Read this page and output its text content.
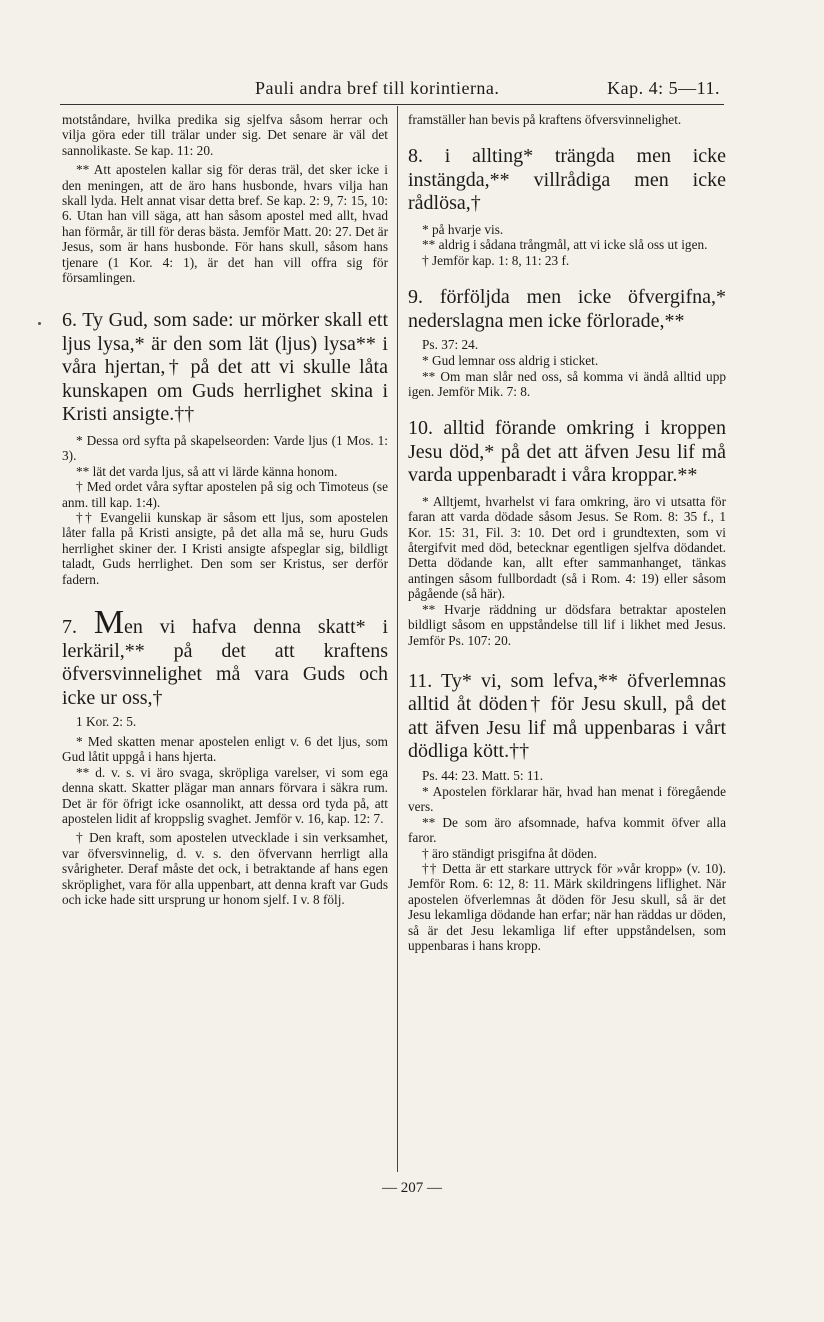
Pauli andra bref till korintierna.	Kap. 4: 5—11.

motståndare, hvilka predika sig sjelfva såsom herrar och vilja göra eder till trälar under sig. Det senare är väl det sannolikaste. Se kap. 11: 20.

** Att apostelen kallar sig för deras träl, det sker icke i den meningen, att de äro hans husbonde, hvars vilja han skall lyda. Helt annat visar detta bref. Se kap. 2: 9, 7: 15, 10: 6. Utan han vill säga, att han såsom apostel med allt, hvad han förmår, är till för deras bästa. Jemför Matt. 20: 27. Det är Jesus, som är hans husbonde. För hans skull, såsom hans tjenare (1 Kor. 4: 1), är det han vill offra sig för församlingen.

6. Ty Gud, som sade: ur mörker skall ett ljus lysa,* är den som lät (ljus) lysa** i våra hjertan,† på det att vi skulle låta kunskapen om Guds herrlighet skina i Kristi ansigte.††

* Dessa ord syfta på skapelseorden: Varde ljus (1 Mos. 1: 3).

** lät det varda ljus, så att vi lärde känna honom.

† Med ordet våra syftar apostelen på sig och Timoteus (se anm. till kap. 1:4).

†† Evangelii kunskap är såsom ett ljus, som apostelen låter falla på Kristi ansigte, på det alla må se, huru Guds herrlighet skiner der. I Kristi ansigte afspeglar sig, bildligt taladt, Guds herrlighet. Den som ser Kristus, ser derför fadern.

7. Men vi hafva denna skatt* i lerkäril,** på det att kraftens öfversvinnelighet må vara Guds och icke ur oss,†

1 Kor. 2: 5.

* Med skatten menar apostelen enligt v. 6 det ljus, som Gud låtit uppgå i hans hjerta.

** d. v. s. vi äro svaga, skröpliga varelser, vi som ega denna skatt. Skatter plägar man annars förvara i säkra rum. Det är för öfrigt icke osannolikt, att dessa ord tyda på, att apostelen lidit af kroppslig svaghet. Jemför v. 16, kap. 12: 7.

† Den kraft, som apostelen utvecklade i sin verksamhet, var öfversvinnelig, d. v. s. den öfvervann herrligt alla svårigheter. Deraf måste det ock, i betraktande af hans egen skröplighet, vara för alla uppenbart, att denna kraft var Guds och icke hade sitt ursprung ur honom sjelf. I v. 8 följ.

framställer han bevis på kraftens öfversvinnelighet.

8. i allting* trängda men icke instängda,** villrådiga men icke rådlösa,†

* på hvarje vis.

** aldrig i sådana trångmål, att vi icke slå oss ut igen.

† Jemför kap. 1: 8, 11: 23 f.

9. förföljda men icke öfvergifna,* nederslagna men icke förlorade,**

Ps. 37: 24.

* Gud lemnar oss aldrig i sticket.

** Om man slår ned oss, så komma vi ändå alltid upp igen. Jemför Mik. 7: 8.

10. alltid förande omkring i kroppen Jesu död,* på det att äfven Jesu lif må varda uppenbaradt i våra kroppar.**

* Alltjemt, hvarhelst vi fara omkring, äro vi utsatta för faran att varda dödade såsom Jesus. Se Rom. 8: 35 f., 1 Kor. 15: 31, Fil. 3: 10. Det ord i grundtexten, som vi återgifvit med död, betecknar egentligen sjelfva dödandet. Detta dödande kan, allt efter sammanhanget, tänkas antingen såsom fullbordadt (så i Rom. 4: 19) eller såsom pågående (så här).

** Hvarje räddning ur dödsfara betraktar apostelen bildligt såsom en uppståndelse till lif i likhet med Jesus. Jemför Ps. 107: 20.

11. Ty* vi, som lefva,** öfverlemnas alltid åt döden† för Jesu skull, på det att äfven Jesu lif må uppenbaras i vårt dödliga kött.††

Ps. 44: 23. Matt. 5: 11.

* Apostelen förklarar här, hvad han menat i föregående vers.

** De som äro afsomnade, hafva kommit öfver alla faror.

† äro ständigt prisgifna åt döden.

†† Detta är ett starkare uttryck för »vår kropp» (v. 10). Jemför Rom. 6: 12, 8: 11. Märk skildringens liflighet. När apostelen öfverlemnas åt döden för Jesu skull, så är det Jesu lekamliga dödande han erfar; när han räddas ur döden, så är det Jesu lekamliga lif efter uppståndelsen, som uppenbaras i hans kropp.

— 207 —
